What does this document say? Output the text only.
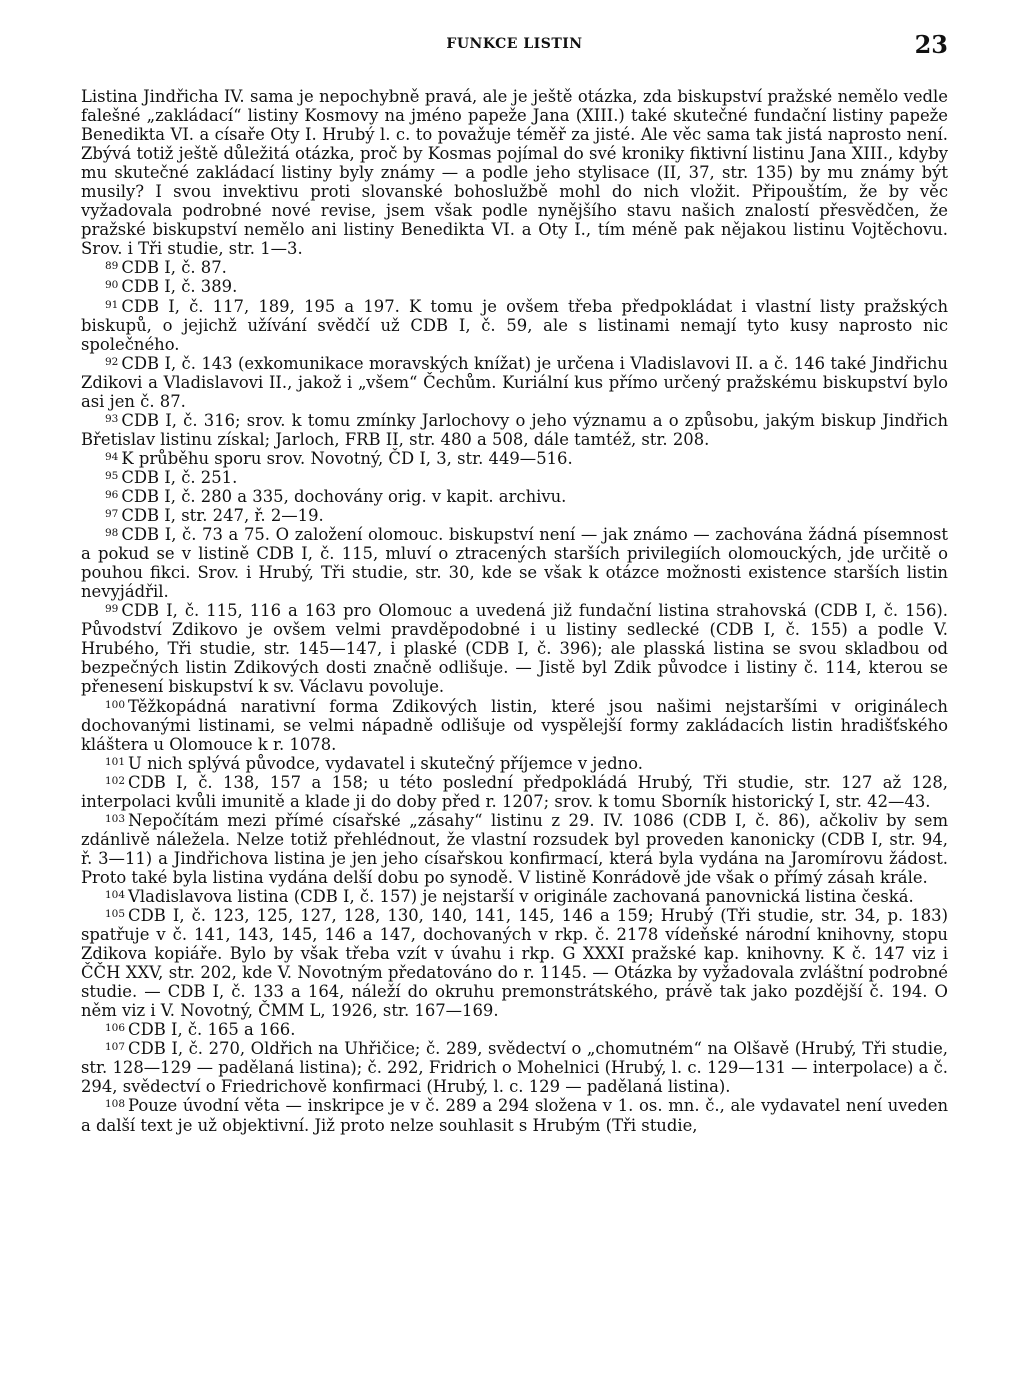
FUNKCE LISTIN	23

Listina Jindřicha IV. sama je nepochybně pravá, ale je ještě otázka, zda biskupství pražské nemělo vedle falešné „zakládací“ listiny Kosmovy na jméno papeže Jana (XIII.) také skutečné fundační listiny papeže Benedikta VI. a císaře Oty I. Hrubý l. c. to považuje téměř za jisté. Ale věc sama tak jistá naprosto není. Zbývá totiž ještě důležitá otázka, proč by Kosmas pojímal do své kroniky fiktivní listinu Jana XIII., kdyby mu skutečné zakládací listiny byly známy — a podle jeho stylisace (II, 37, str. 135) by mu známy být musily? I svou invektivu proti slovanské bohoslužbě mohl do nich vložit. Připouštím, že by věc vyžadovala podrobné nové revise, jsem však podle nynějšího stavu našich znalostí přesvědčen, že pražské biskupství nemělo ani listiny Benedikta VI. a Oty I., tím méně pak nějakou listinu Vojtěchovu. Srov. i Tři studie, str. 1—3.

$^{89}$ CDB I, č. 87.

$^{90}$ CDB I, č. 389.

$^{91}$ CDB I, č. 117, 189, 195 a 197. K tomu je ovšem třeba předpokládat i vlastní listy pražských biskupů, o jejichž užívání svědčí už CDB I, č. 59, ale s listinami nemají tyto kusy naprosto nic společného.

$^{92}$ CDB I, č. 143 (exkomunikace moravských knížat) je určena i Vladislavovi II. a č. 146 také Jindřichu Zdikovi a Vladislavovi II., jakož i „všem“ Čechům. Kuriální kus přímo určený pražskému biskupství bylo asi jen č. 87.

$^{93}$ CDB I, č. 316; srov. k tomu zmínky Jarlochovy o jeho významu a o způsobu, jakým biskup Jindřich Břetislav listinu získal; Jarloch, FRB II, str. 480 a 508, dále tamtéž, str. 208.

$^{94}$ K průběhu sporu srov. Novotný, ČD I, 3, str. 449—516.

$^{95}$ CDB I, č. 251.

$^{96}$ CDB I, č. 280 a 335, dochovány orig. v kapit. archivu.

$^{97}$ CDB I, str. 247, ř. 2—19.

$^{98}$ CDB I, č. 73 a 75. O založení olomouc. biskupství není — jak známo — zachována žádná písemnost a pokud se v listině CDB I, č. 115, mluví o ztracených starších privilegiích olomouckých, jde určitě o pouhou fikci. Srov. i Hrubý, Tři studie, str. 30, kde se však k otázce možnosti existence starších listin nevyjádřil.

$^{99}$ CDB I, č. 115, 116 a 163 pro Olomouc a uvedená již fundační listina strahovská (CDB I, č. 156). Původství Zdikovo je ovšem velmi pravděpodobné i u listiny sedlecké (CDB I, č. 155) a podle V. Hrubého, Tři studie, str. 145—147, i plaské (CDB I, č. 396); ale plasská listina se svou skladbou od bezpečných listin Zdikových dosti značně odlišuje. — Jistě byl Zdik původce i listiny č. 114, kterou se přenesení biskupství k sv. Václavu povoluje.

$^{100}$ Těžkopádná narativní forma Zdikových listin, které jsou našimi nejstaršími v originálech dochovanými listinami, se velmi nápadně odlišuje od vyspělejší formy zakládacích listin hradišťského kláštera u Olomouce k r. 1078.

$^{101}$ U nich splývá původce, vydavatel i skutečný příjemce v jedno.

$^{102}$ CDB I, č. 138, 157 a 158; u této poslední předpokládá Hrubý, Tři studie, str. 127 až 128, interpolaci kvůli imunitě a klade ji do doby před r. 1207; srov. k tomu Sborník historický I, str. 42—43.

$^{103}$ Nepočítám mezi přímé císařské „zásahy“ listinu z 29. IV. 1086 (CDB I, č. 86), ačkoliv by sem zdánlivě náležela. Nelze totiž přehlédnout, že vlastní rozsudek byl proveden kanonicky (CDB I, str. 94, ř. 3—11) a Jindřichova listina je jen jeho císařskou konfirmací, která byla vydána na Jaromírovu žádost. Proto také byla listina vydána delší dobu po synodě. V listině Konrádově jde však o přímý zásah krále.

$^{104}$ Vladislavova listina (CDB I, č. 157) je nejstarší v originále zachovaná panovnická listina česká.

$^{105}$ CDB I, č. 123, 125, 127, 128, 130, 140, 141, 145, 146 a 159; Hrubý (Tři studie, str. 34, p. 183) spatřuje v č. 141, 143, 145, 146 a 147, dochovaných v rkp. č. 2178 vídeňské národní knihovny, stopu Zdikova kopiáře. Bylo by však třeba vzít v úvahu i rkp. G XXXI pražské kap. knihovny. K č. 147 viz i ČČH XXV, str. 202, kde V. Novotným předatováno do r. 1145. — Otázka by vyžadovala zvláštní podrobné studie. — CDB I, č. 133 a 164, náleží do okruhu premonstrátského, právě tak jako pozdější č. 194. O něm viz i V. Novotný, ČMM L, 1926, str. 167—169.

$^{106}$ CDB I, č. 165 a 166.

$^{107}$ CDB I, č. 270, Oldřich na Uhřičice; č. 289, svědectví o „chomutném“ na Olšavě (Hrubý, Tři studie, str. 128—129 — padělaná listina); č. 292, Fridrich o Mohelnici (Hrubý, l. c. 129—131 — interpolace) a č. 294, svědectví o Friedrichově konfirmaci (Hrubý, l. c. 129 — padělaná listina).

$^{108}$ Pouze úvodní věta — inskripce je v č. 289 a 294 složena v 1. os. mn. č., ale vydavatel není uveden a další text je už objektivní. Již proto nelze souhlasit s Hrubým (Tři studie,
